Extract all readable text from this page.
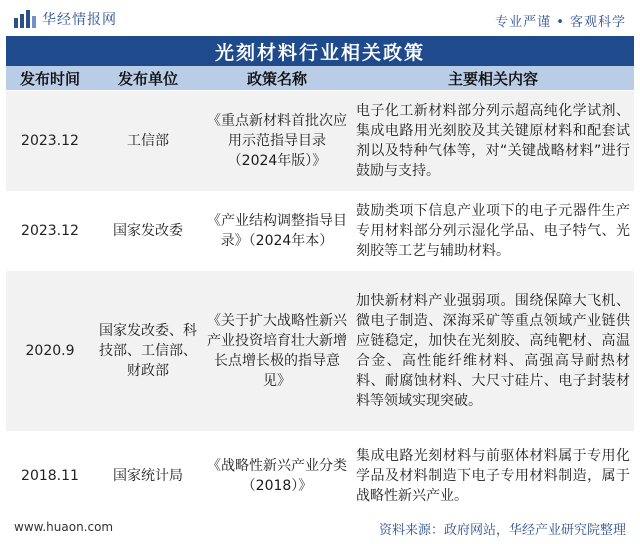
华经情报网	专业严谨 • 客观科学
光刻材料行业相关政策
发布时间	发布单位	政策名称	主要相关内容
2023.12	工信部	《重点新材料首批次应用示范指导目录（2024年版）》	电子化工新材料部分列示超高纯化学试剂、集成电路用光刻胶及其关键原材料和配套试剂以及特种气体等，对“关键战略材料”进行鼓励与支持。
2023.12	国家发改委	《产业结构调整指导目录》（2024年本）	鼓励类项下信息产业项下的电子元器件生产专用材料部分列示湿化学品、电子特气、光刻胶等工艺与辅助材料。
2020.9	国家发改委、科技部、工信部、财政部	《关于扩大战略性新兴产业投资培育壮大新增长点增长极的指导意见》	加快新材料产业强弱项。围绕保障大飞机、微电子制造、深海采矿等重点领域产业链供应链稳定，加快在光刻胶、高纯靶材、高温合金、高性能纤维材料、高强高导耐热材料、耐腐蚀材料、大尺寸硅片、电子封装材料等领域实现突破。
2018.11	国家统计局	《战略性新兴产业分类（2018）》	集成电路光刻材料与前驱体材料属于专用化学品及材料制造下电子专用材料制造，属于战略性新兴产业。
www.huaon.com	资料来源：政府网站，华经产业研究院整理
